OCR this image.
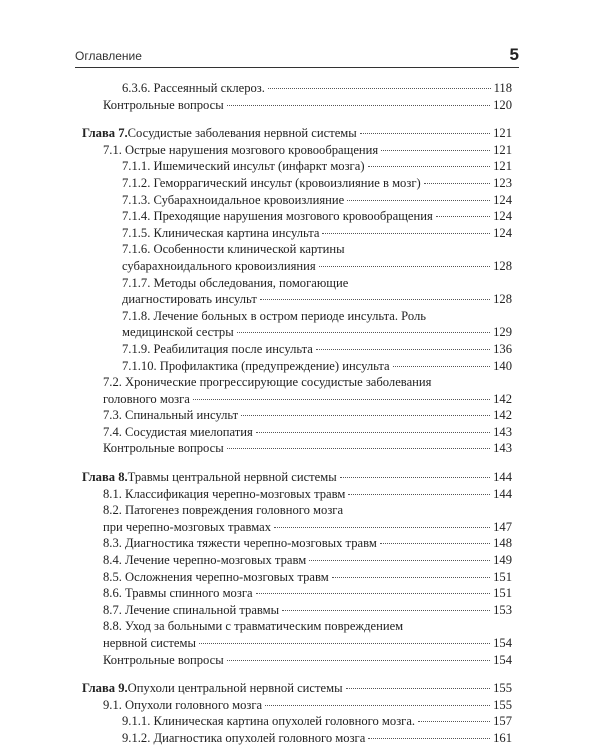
Оглавление	5
6.3.6. Рассеянный склероз.	118
Контрольные вопросы	120
Глава 7. Сосудистые заболевания нервной системы	121
7.1. Острые нарушения мозгового кровообращения	121
7.1.1. Ишемический инсульт (инфаркт мозга)	121
7.1.2. Геморрагический инсульт (кровоизлияние в мозг)	123
7.1.3. Субарахноидальное кровоизлияние	124
7.1.4. Преходящие нарушения мозгового кровообращения	124
7.1.5. Клиническая картина инсульта	124
7.1.6. Особенности клинической картины
субарахноидального кровоизлияния	128
7.1.7. Методы обследования, помогающие
диагностировать инсульт	128
7.1.8. Лечение больных в остром периоде инсульта. Роль
медицинской сестры	129
7.1.9. Реабилитация после инсульта	136
7.1.10. Профилактика (предупреждение) инсульта	140
7.2. Хронические прогрессирующие сосудистые заболевания
головного мозга	142
7.3. Спинальный инсульт	142
7.4. Сосудистая миелопатия	143
Контрольные вопросы	143
Глава 8. Травмы центральной нервной системы	144
8.1. Классификация черепно-мозговых травм	144
8.2. Патогенез повреждения головного мозга
при черепно-мозговых травмах	147
8.3. Диагностика тяжести черепно-мозговых травм	148
8.4. Лечение черепно-мозговых травм	149
8.5. Осложнения черепно-мозговых травм	151
8.6. Травмы спинного мозга	151
8.7. Лечение спинальной травмы	153
8.8. Уход за больными с травматическим повреждением
нервной системы	154
Контрольные вопросы	154
Глава 9. Опухоли центральной нервной системы	155
9.1. Опухоли головного мозга	155
9.1.1. Клиническая картина опухолей головного мозга.	157
9.1.2. Диагностика опухолей головного мозга	161
